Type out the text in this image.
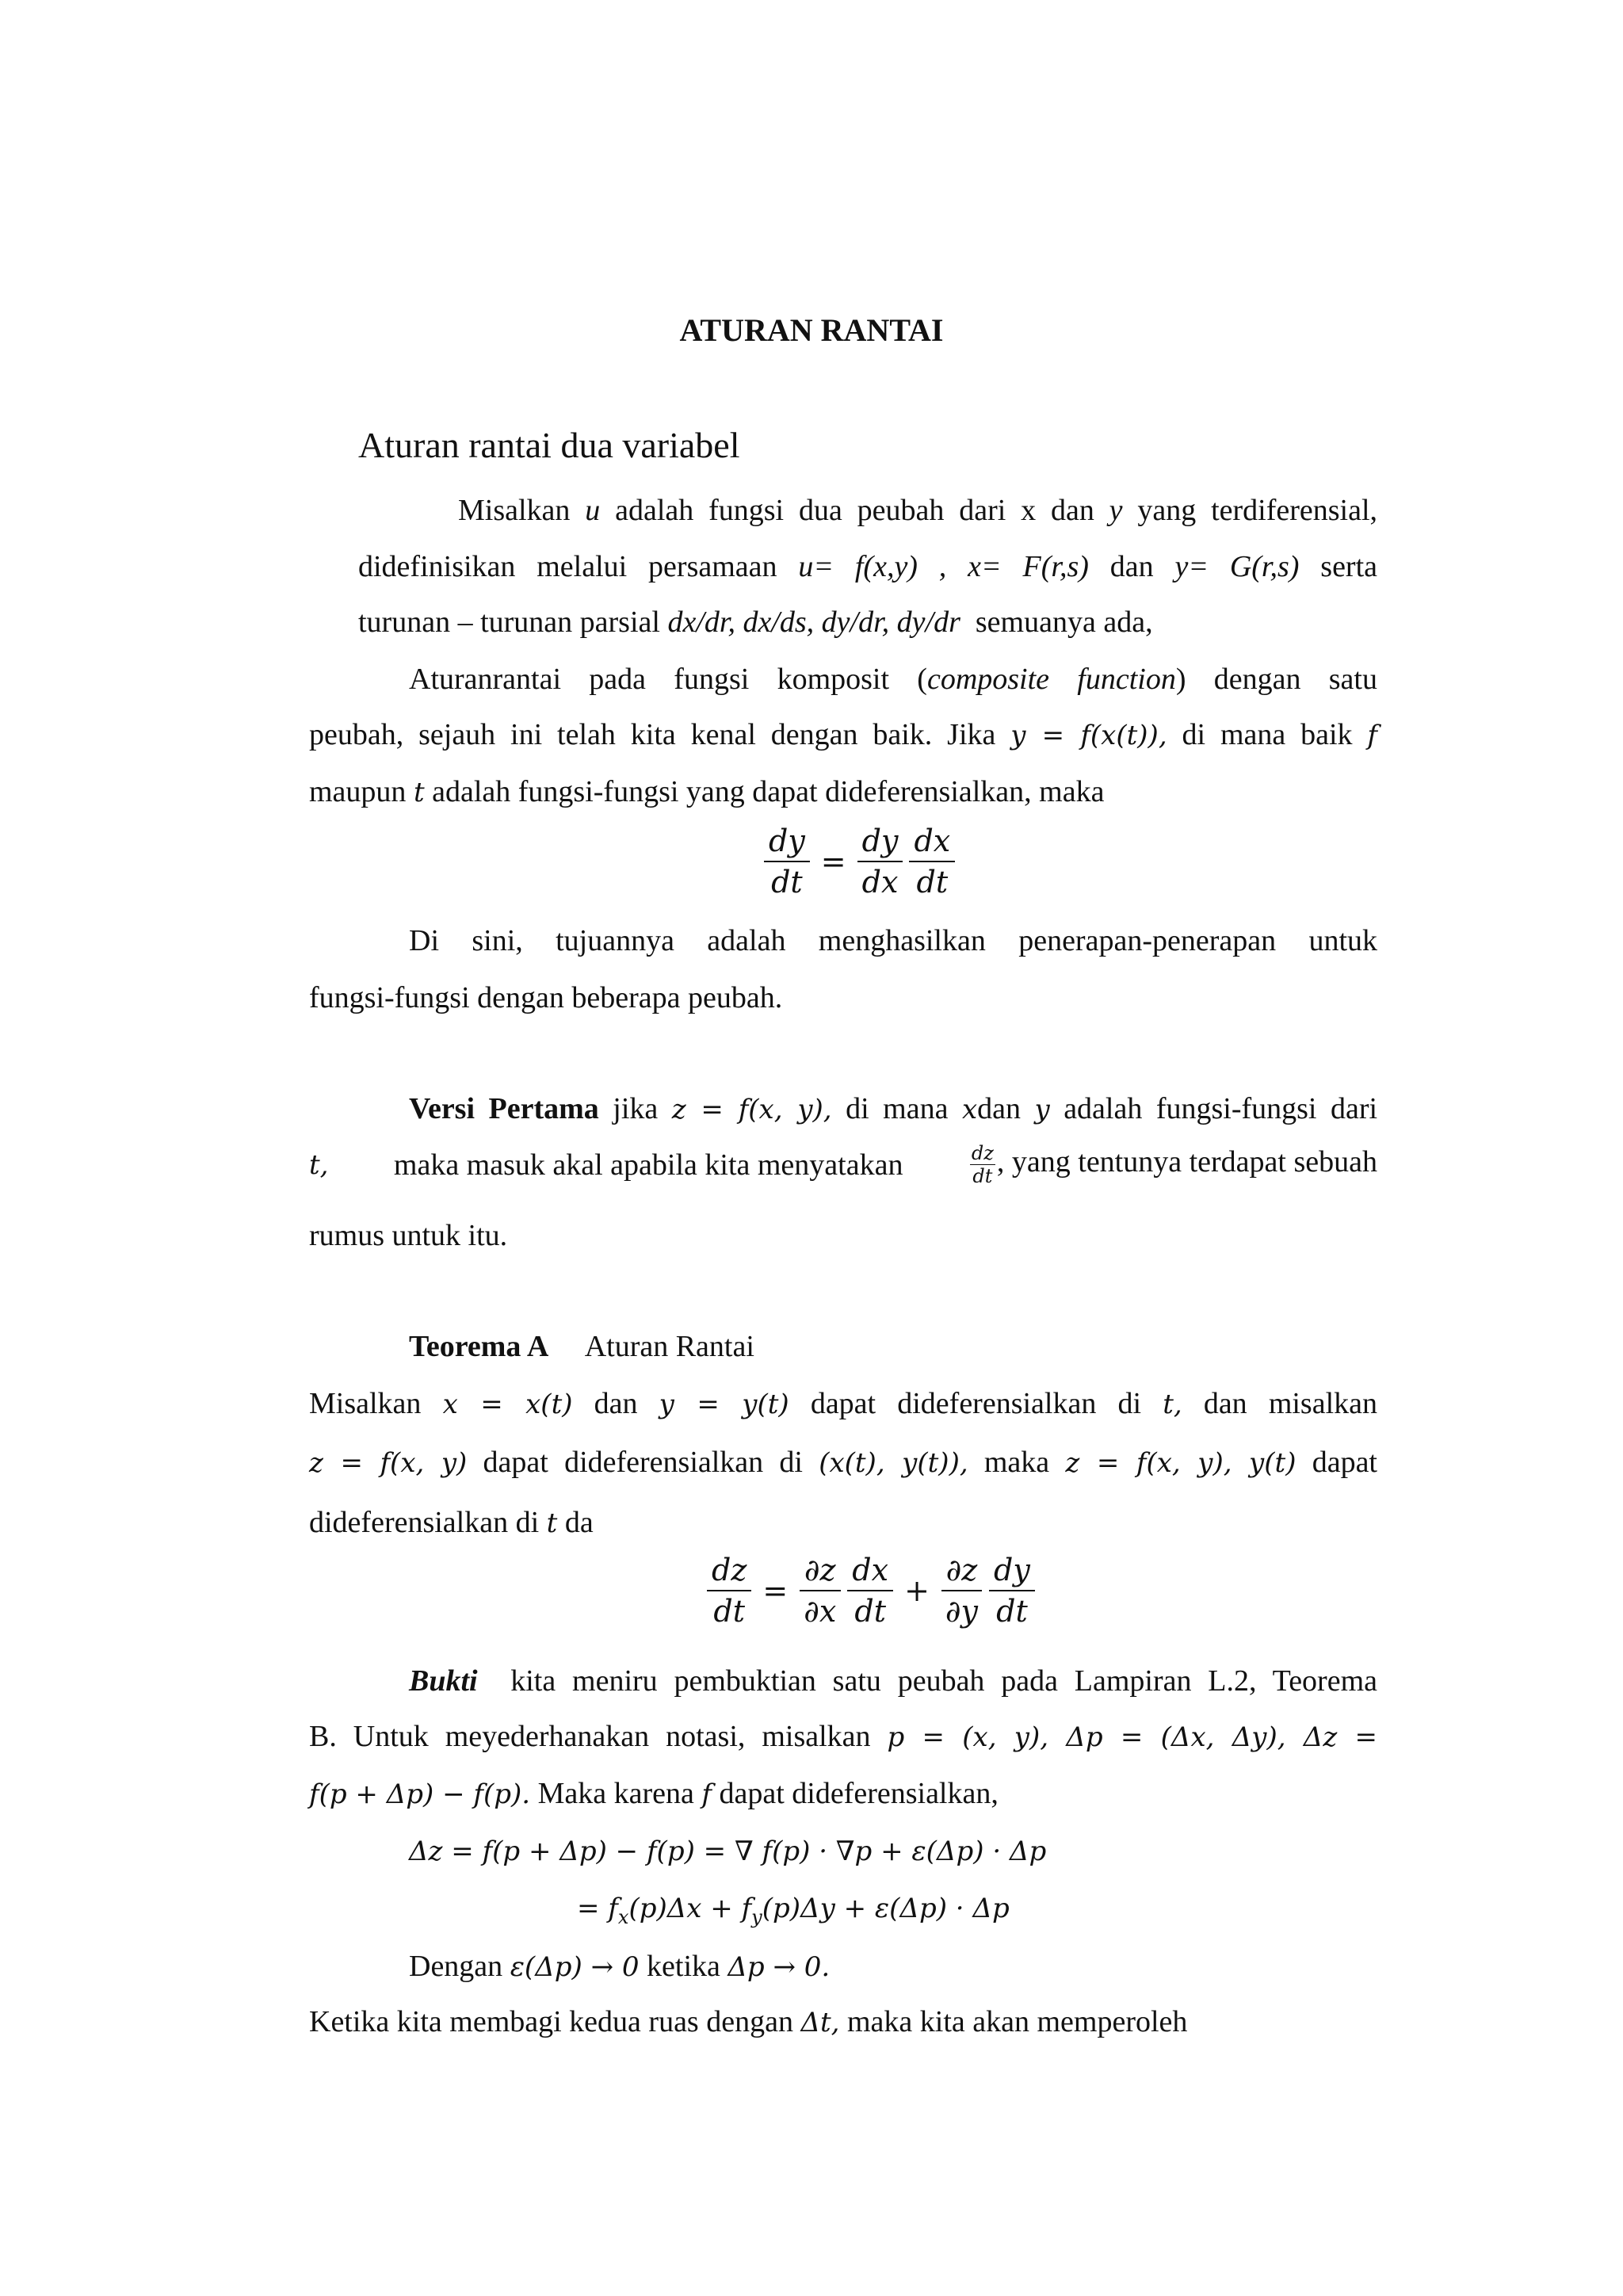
ATURAN RANTAI
Aturan rantai dua variabel
Misalkan u adalah fungsi dua peubah dari x dan y yang terdiferensial,
didefinisikan melalui persamaan u= f(x,y) , x= F(r,s) dan y= G(r,s) serta
turunan – turunan parsial dx/dr, dx/ds, dy/dr, dy/dr semuanya ada,
Aturanrantai pada fungsi komposit (composite function) dengan satu
peubah, sejauh ini telah kita kenal dengan baik. Jika y = f(x(t)), di mana baik f
maupun t adalah fungsi-fungsi yang dapat dideferensialkan, maka
$\frac{dy}{dt} = \frac{dy}{dx} \frac{dx}{dt}$
Di sini, tujuannya adalah menghasilkan penerapan-penerapan untuk
fungsi-fungsi dengan beberapa peubah.
Versi Pertama jika z = f(x, y), di mana xdan y adalah fungsi-fungsi dari
t, maka masuk akal apabila kita menyatakan	$\frac{dz}{dt}$ , yang tentunya terdapat sebuah
rumus untuk itu.
Teorema A Aturan Rantai
Misalkan x = x(t) dan y = y(t) dapat dideferensialkan di t, dan misalkan
z = f(x, y) dapat dideferensialkan di (x(t), y(t)), maka z = f(x, y), y(t) dapat
dideferensialkan di t da
$\frac{dz}{dt} = \frac{\partial z}{\partial x} \frac{dx}{dt} + \frac{\partial z}{\partial y} \frac{dy}{dt}$
Bukti kita meniru pembuktian satu peubah pada Lampiran L.2, Teorema
B. Untuk meyederhanakan notasi, misalkan p = (x, y), Δp = (Δx, Δy), Δz =
f(p + Δp) − f(p). Maka karena f dapat dideferensialkan,
Δz = f(p + Δp) − f(p) = ∇ f(p) · ∇p + ε(Δp) · Δp
= $f_x(p)\Delta x + f_y(p)\Delta y + \varepsilon(\Delta p) \cdot \Delta p$
Dengan ε(Δp) → 0 ketika Δp → 0.
Ketika kita membagi kedua ruas dengan Δt, maka kita akan memperoleh
